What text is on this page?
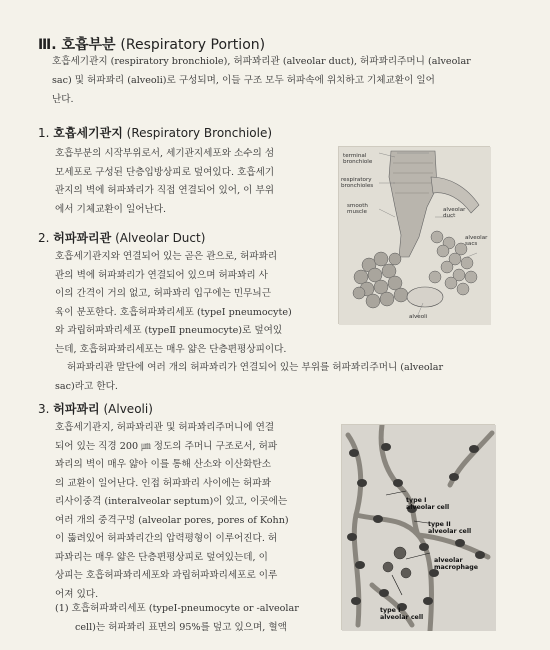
Ⅲ. 호흡부분 (Respiratory Portion)
호흡세기관지 (respiratory bronchiole), 허파꽈리관 (alveolar duct), 허파꽈리주머니 (alveolar
sac) 및 허파꽈리 (alveoli)로 구성되며, 이들 구조 모두 허파속에 위치하고 기체교환이 일어
난다.
1. 호흡세기관지 (Respiratory Bronchiole)
호흡부분의 시작부위로서, 세기관지세포와 소수의 섬
모세포로 구성된 단층입방상피로 덮여있다. 호흡세기
관지의 벽에 허파꽈리가 직접 연결되어 있어, 이 부위
에서 기체교환이 일어난다.
2. 허파꽈리관 (Alveolar Duct)
호흡세기관지와 연결되어 있는 곧은 관으로, 허파꽈리
관의 벽에 허파꽈리가 연결되어 있으며 허파꽈리 사
이의 간격이 거의 없고, 허파꽈리 입구에는 민무늬근
육이 분포한다. 호흡허파꽈리세포 (typeⅠ pneumocyte)
와 과립허파꽈리세포 (typeⅡ pneumocyte)로 덮여있
는데, 호흡허파꽈리세포는 매우 얇은 단층편평상피이다.
허파꽈리관 말단에 여러 개의 허파꽈리가 연결되어 있는 부위를 허파꽈리주머니 (alveolar
sac)라고 한다.
3. 허파꽈리 (Alveoli)
호흡세기관지, 허파꽈리관 및 허파꽈리주머니에 연결
되어 있는 직경 200 ㎛ 정도의 주머니 구조로서, 허파
꽈리의 벽이 매우 얇아 이를 통해 산소와 이산화탄소
의 교환이 일어난다. 인접 허파꽈리 사이에는 허파꽈
리사이중격 (interalveolar septum)이 있고, 이곳에는
여러 개의 중격구멍 (alveolar pores, pores of Kohn)
이 뚫려있어 허파꽈리간의 압력평형이 이루어진다. 허
파꽈리는 매우 얇은 단층편평상피로 덮여있는데, 이
상피는 호흡허파꽈리세포와 과립허파꽈리세포로 이루
어져 있다.
(1) 호흡허파꽈리세포 (typeⅠ-pneumocyte or -alveolar
cell)는 허파꽈리 표면의 95%를 덮고 있으며, 혈액
terminal
bronchiole
respiratory
bronchioles
smooth
muscle	alveolar
duct
alveolar
sacs
alveoli
type I
alveolar cell
type II
alveolar cell
alveolar
macrophage
type I
alveolar cell
